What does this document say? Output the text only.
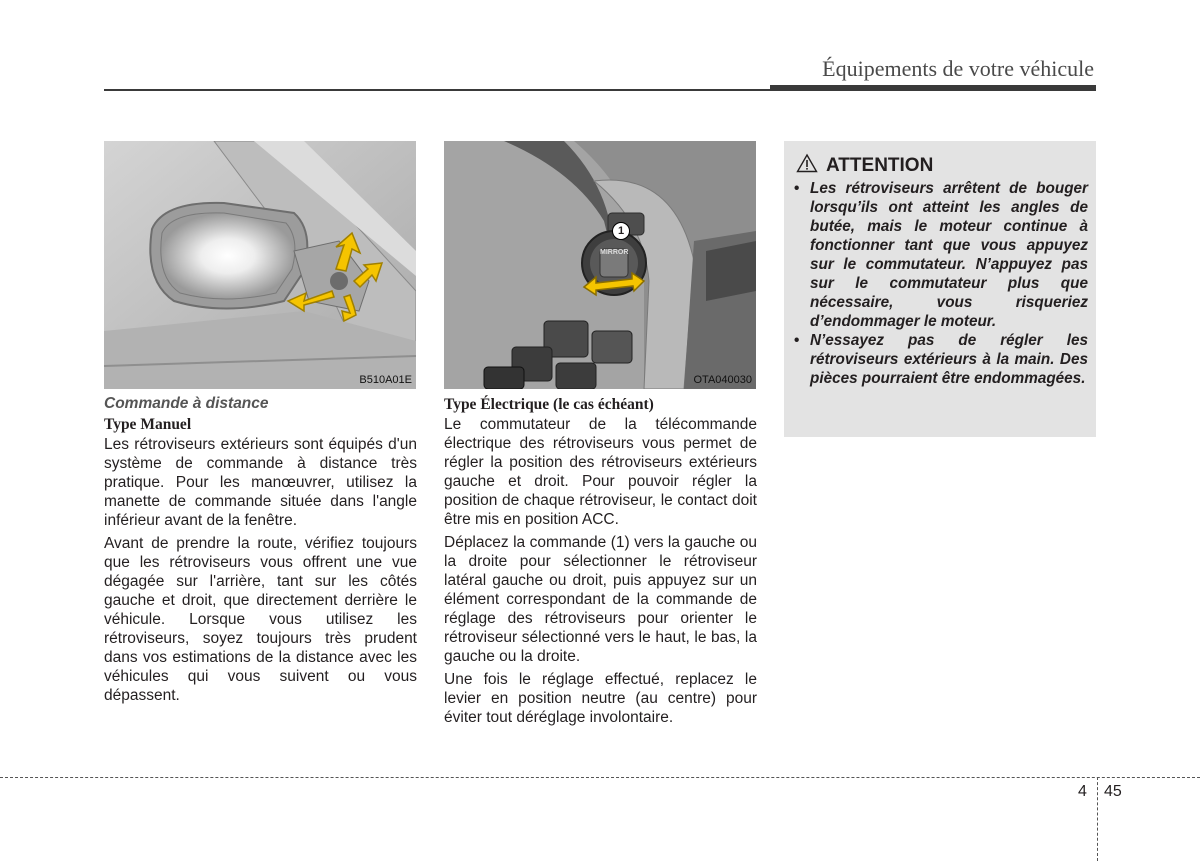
Équipements de votre véhicule
B510A01E
1
MIRROR
OTA040030
Commande à distance
Type Manuel

Les rétroviseurs extérieurs sont équipés d'un système de commande à distance très pratique. Pour les manœuvrer, utilisez la manette de commande située dans l'angle inférieur avant de la fenêtre.

Avant de prendre la route, vérifiez toujours que les rétroviseurs vous offrent une vue dégagée sur l'arrière, tant sur les côtés gauche et droit, que directement derrière le véhicule. Lorsque vous utilisez les rétroviseurs, soyez toujours très prudent dans vos estimations de la distance avec les véhicules qui vous suivent ou vous dépassent.

Type Électrique (le cas échéant)

Le commutateur de la télécommande électrique des rétroviseurs vous permet de régler la position des rétroviseurs extérieurs gauche et droit. Pour pouvoir régler la position de chaque rétroviseur, le contact doit être mis en position ACC.

Déplacez la commande (1) vers la gauche ou la droite pour sélectionner le rétroviseur latéral gauche ou droit, puis appuyez sur un élément correspondant de la commande de réglage des rétroviseurs pour orienter le rétroviseur sélectionné vers le haut, le bas, la gauche ou la droite.

Une fois le réglage effectué, replacez le levier en position neutre (au centre) pour éviter tout déréglage involontaire.

ATTENTION
• Les rétroviseurs arrêtent de bouger lorsqu’ils ont atteint les angles de butée, mais le moteur continue à fonctionner tant que vous appuyez sur le commutateur. N’appuyez pas sur le commutateur plus que nécessaire, vous risqueriez d’endommager le moteur.
• N’essayez pas de régler les rétroviseurs extérieurs à la main. Des pièces pourraient être endommagées.
4 45
